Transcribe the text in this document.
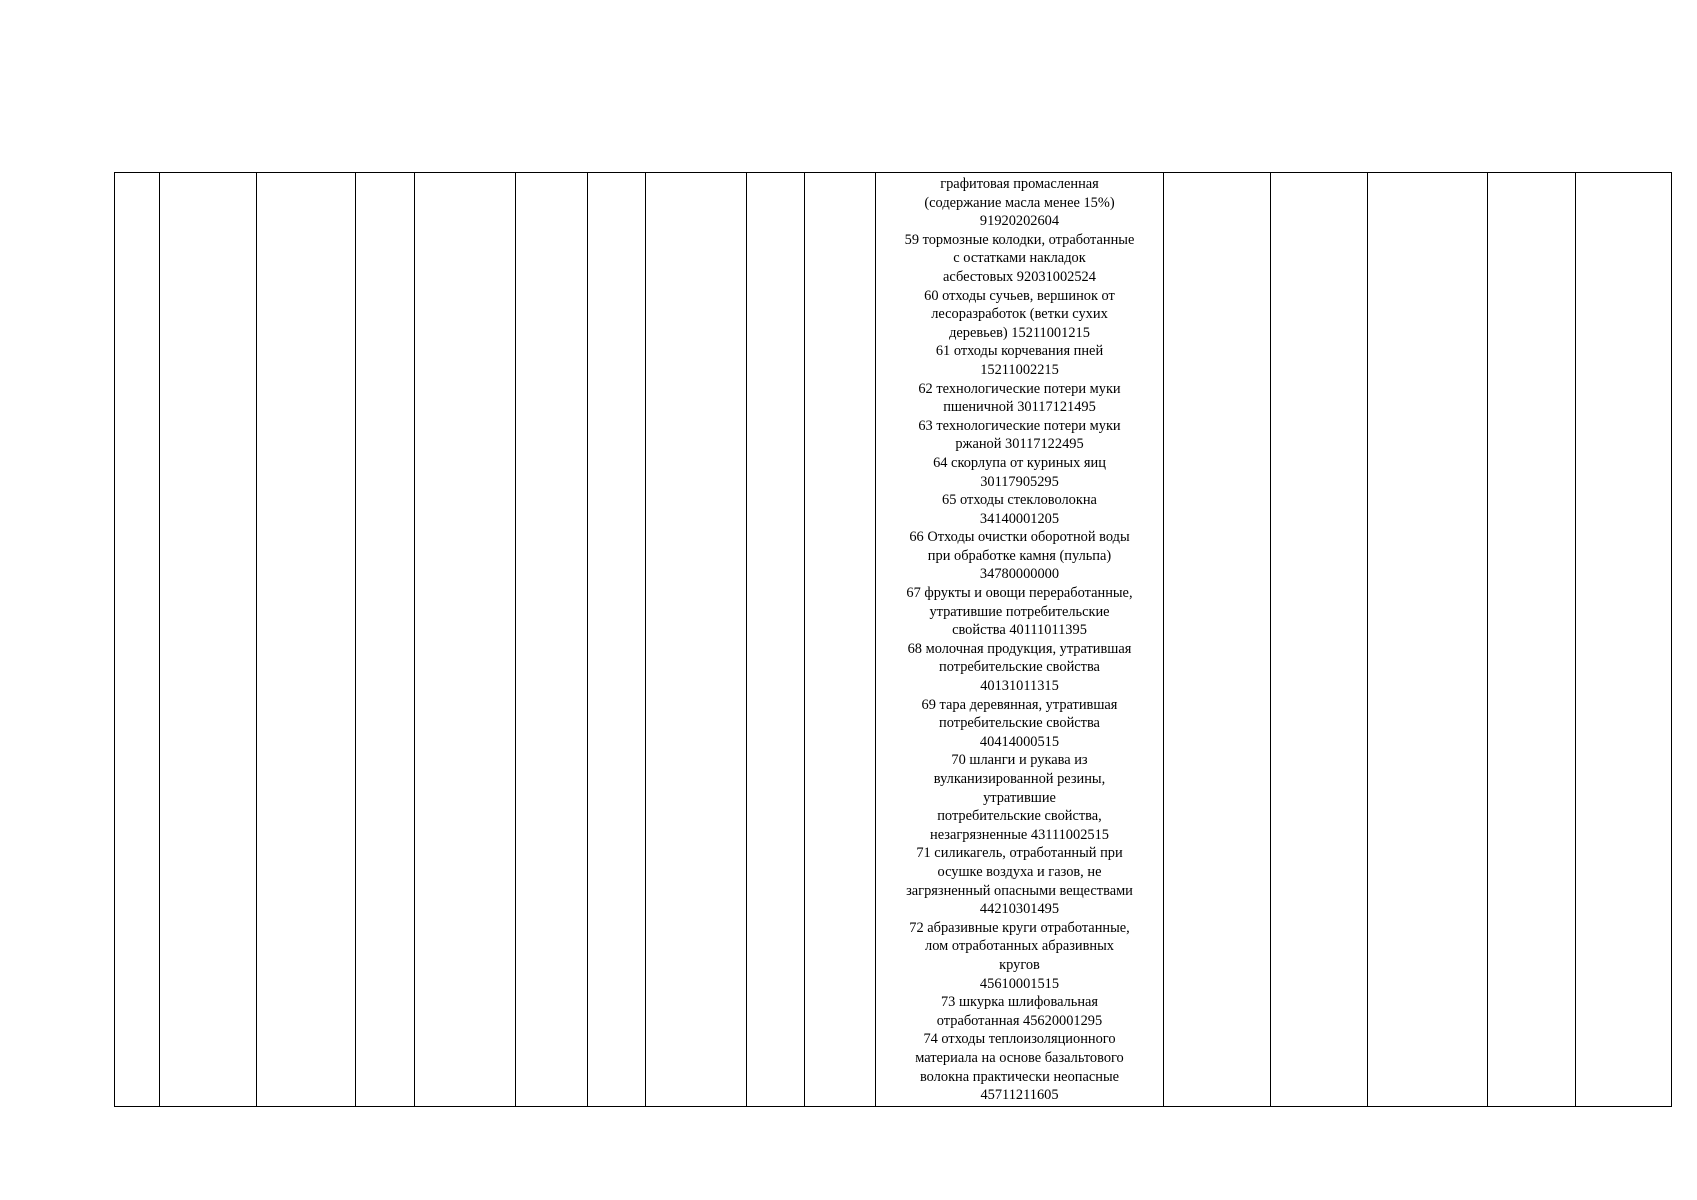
графитовая промасленная
(содержание масла менее 15%)
91920202604
59 тормозные колодки, отработанные
с остатками накладок
асбестовых 92031002524
60 отходы сучьев, вершинок от
лесоразработок (ветки сухих
деревьев) 15211001215
61 отходы корчевания пней
15211002215
62 технологические потери муки
пшеничной 30117121495
63 технологические потери муки
ржаной 30117122495
64 скорлупа от куриных яиц
30117905295
65 отходы стекловолокна
34140001205
66 Отходы очистки оборотной воды
при обработке камня (пульпа)
34780000000
67 фрукты и овощи переработанные,
утратившие потребительские
свойства 40111011395
68 молочная продукция, утратившая
потребительские свойства
40131011315
69 тара деревянная, утратившая
потребительские свойства
40414000515
70 шланги и рукава из
вулканизированной резины,
утратившие
потребительские свойства,
незагрязненные 43111002515
71 силикагель, отработанный при
осушке воздуха и газов, не
загрязненный опасными веществами
44210301495
72 абразивные круги отработанные,
лом отработанных абразивных
кругов
45610001515
73 шкурка шлифовальная
отработанная 45620001295
74 отходы теплоизоляционного
материала на основе базальтового
волокна практически неопасные
45711211605
